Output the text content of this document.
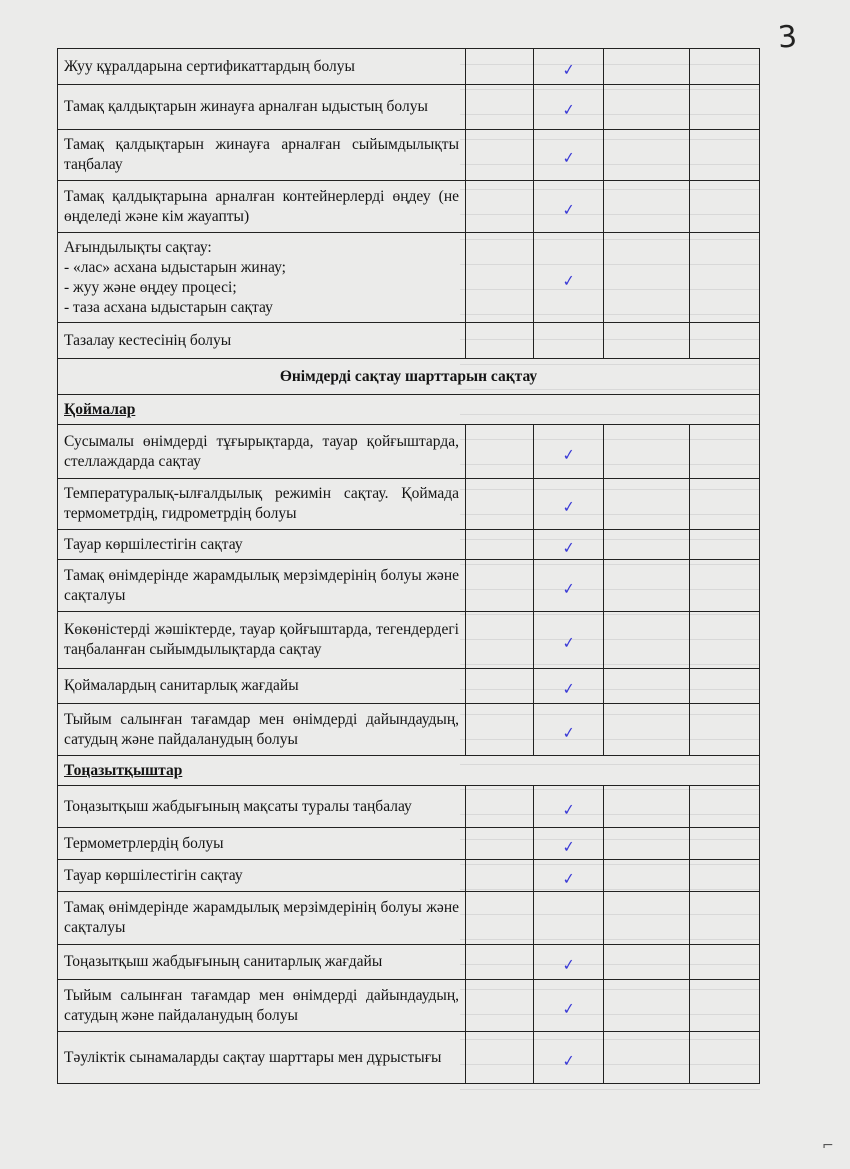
3
Жуу құралдарына сертификаттардың болуы		✓		
Тамақ қалдықтарын жинауға арналған ыдыстың болуы		✓		
Тамақ қалдықтарын жинауға арналған сыйымдылықты таңбалау		✓		
Тамақ қалдықтарына арналған контейнерлерді өңдеу (не өңделеді және кім жауапты)		✓		

Ағындылықты сақтау:
- «лас» асхана ыдыстарын жинау;
- жуу және өңдеу процесі;
- таза асхана ыдыстарын сақтау		✓		
Тазалау кестесінің болуы				
Өнімдерді сақтау шарттарын сақтау				
Қоймалар				
Сусымалы өнімдерді тұғырықтарда, тауар қойғыштарда, стеллаждарда сақтау		✓		
Температуралық-ылғалдылық режимін сақтау. Қоймада термометрдің, гидрометрдің болуы		✓		
Тауар көршілестігін сақтау		✓		
Тамақ өнімдерінде жарамдылық мерзімдерінің болуы және сақталуы		✓		
Көкөністерді жәшіктерде, тауар қойғыштарда, тегендердегі таңбаланған сыйымдылықтарда сақтау		✓		
Қоймалардың санитарлық жағдайы		✓		
Тыйым салынған тағамдар мен өнімдерді дайындаудың, сатудың және пайдаланудың болуы		✓		
Тоңазытқыштар				
Тоңазытқыш жабдығының мақсаты туралы таңбалау		✓		
Термометрлердің болуы		✓		
Тауар көршілестігін сақтау		✓		
Тамақ өнімдерінде жарамдылық мерзімдерінің болуы және сақталуы				
Тоңазытқыш жабдығының санитарлық жағдайы		✓		
Тыйым салынған тағамдар мен өнімдерді дайындаудың, сатудың және пайдаланудың болуы		✓		
Тәуліктік сынамаларды сақтау шарттары мен дұрыстығы		✓		
⌐
